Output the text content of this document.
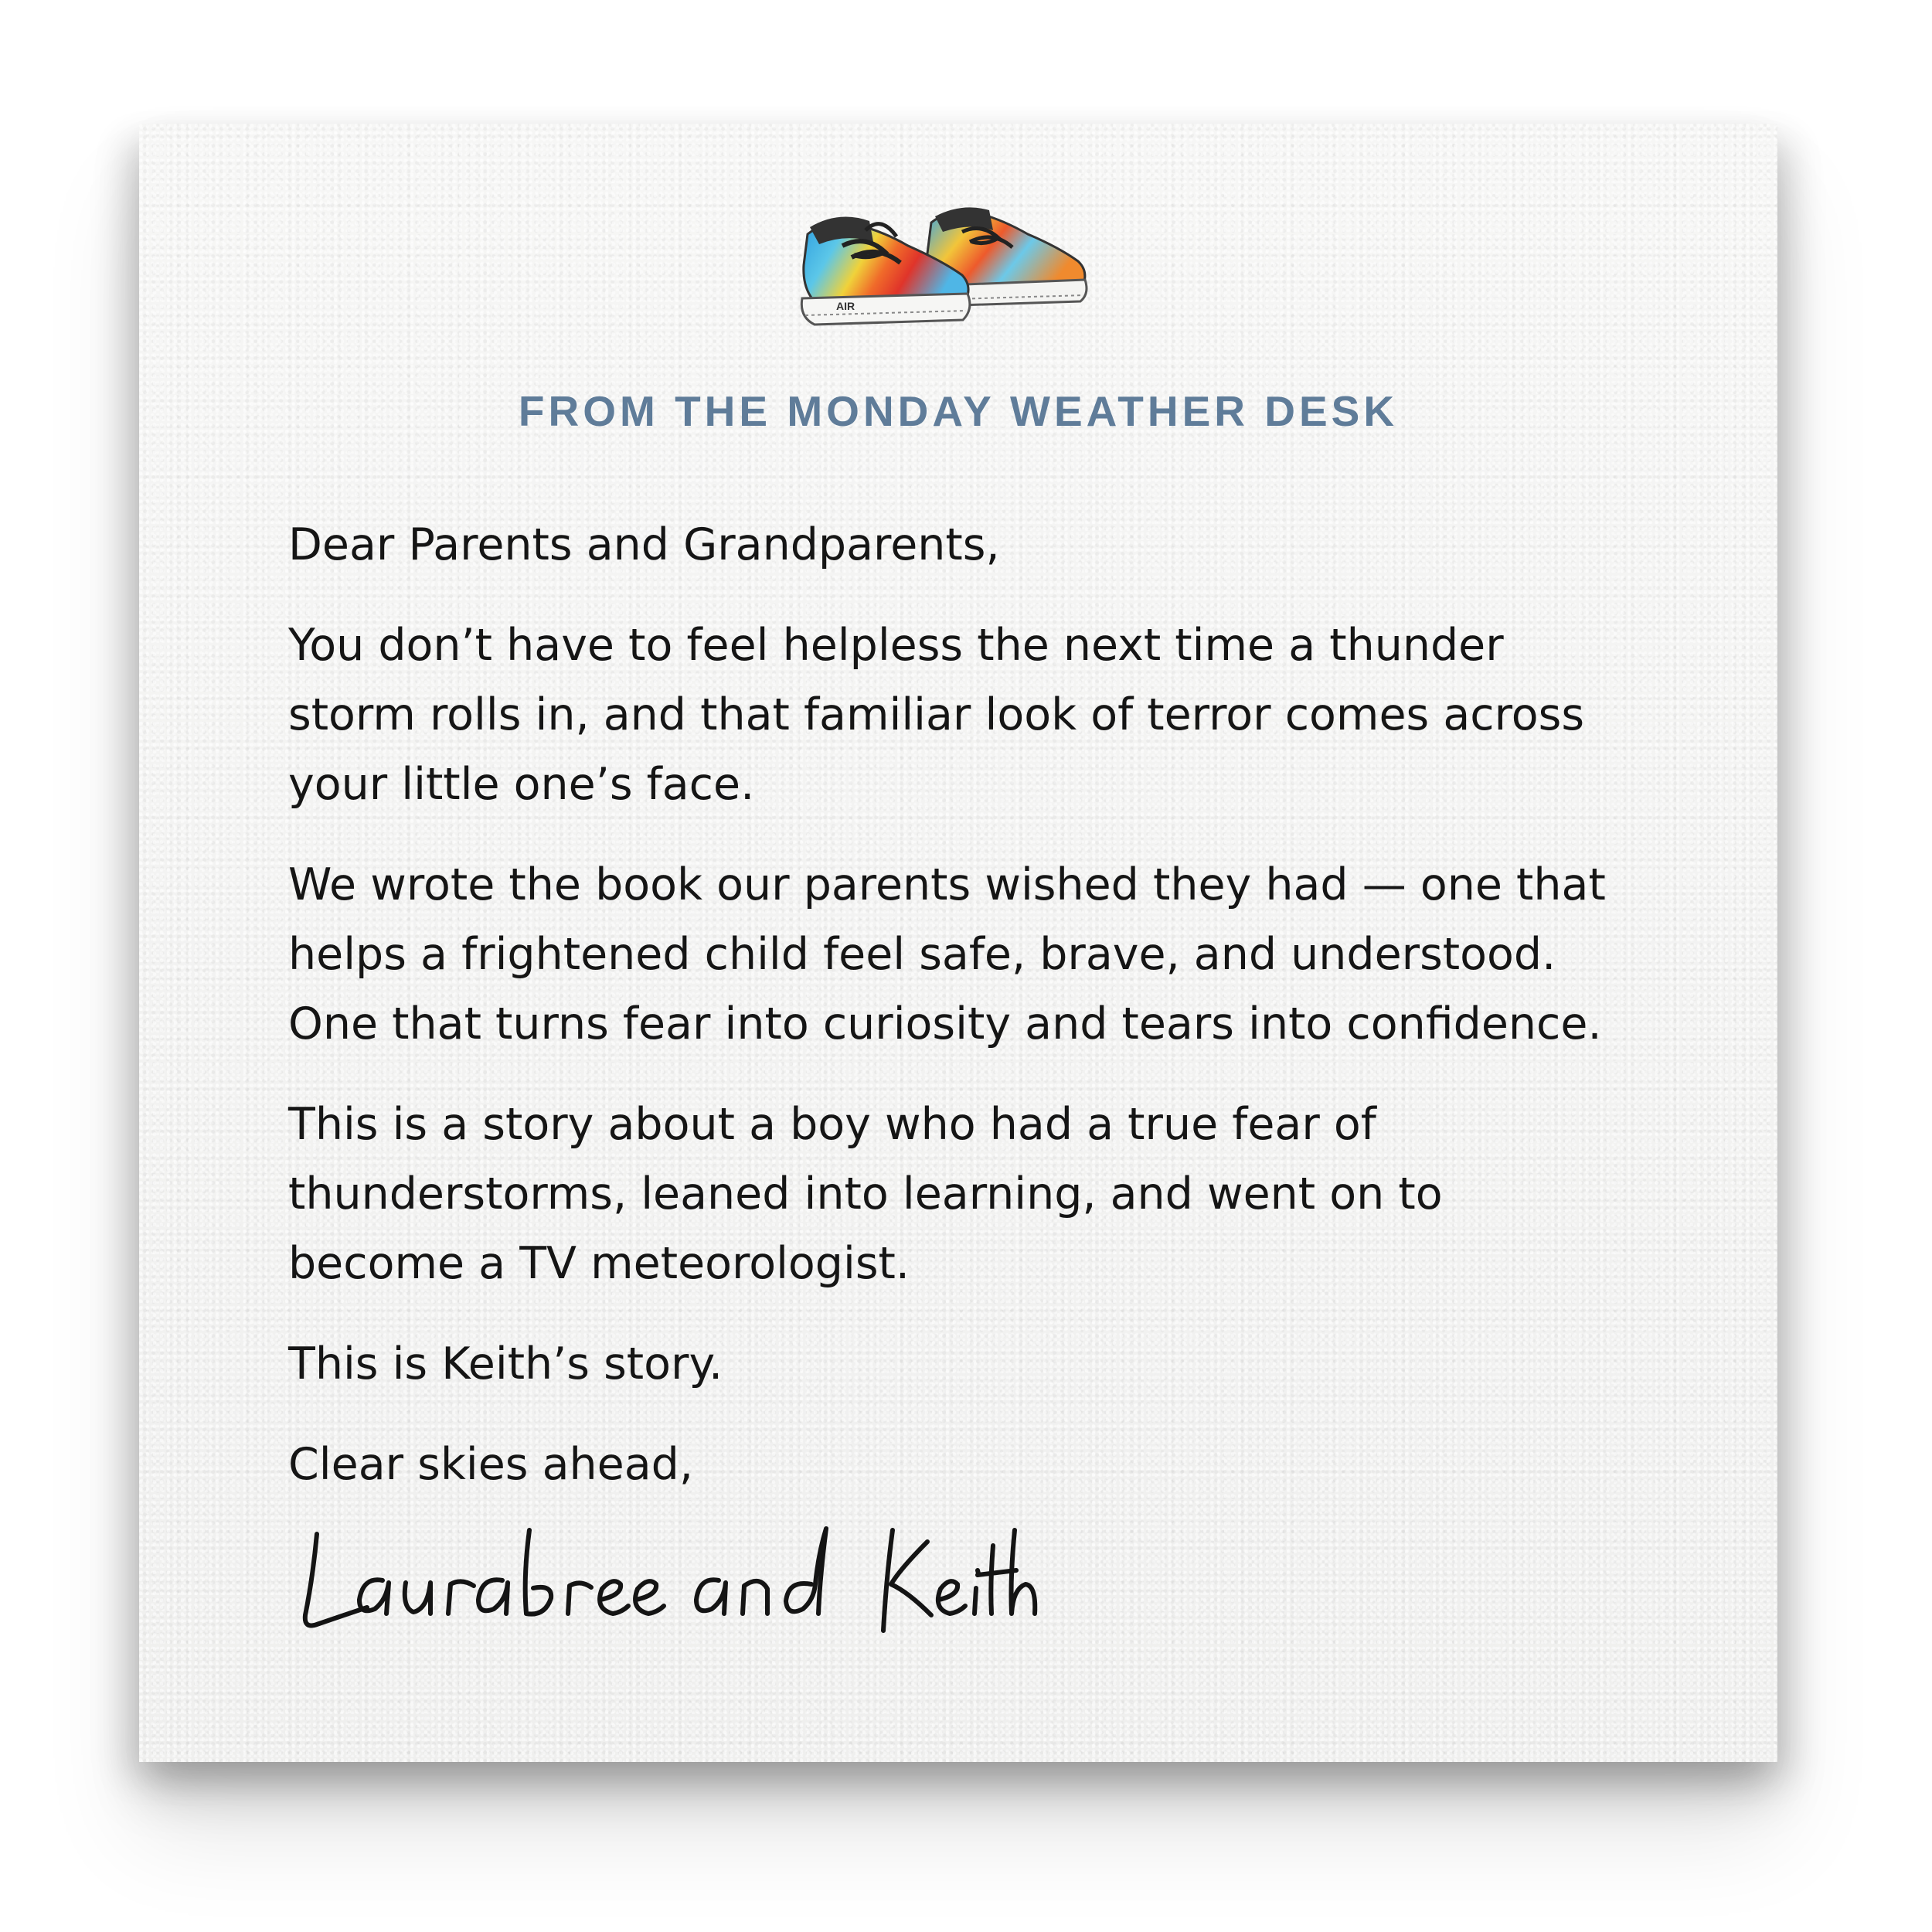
AIR
FROM THE MONDAY WEATHER DESK

Dear Parents and Grandparents,

You don’t have to feel helpless the next time a thunder
storm rolls in, and that familiar look of terror comes across
your little one’s face.

We wrote the book our parents wished they had — one that
helps a frightened child feel safe, brave, and understood.
One that turns fear into curiosity and tears into confidence.

This is a story about a boy who had a true fear of
thunderstorms, leaned into learning, and went on to
become a TV meteorologist.

This is Keith’s story.

Clear skies ahead,
